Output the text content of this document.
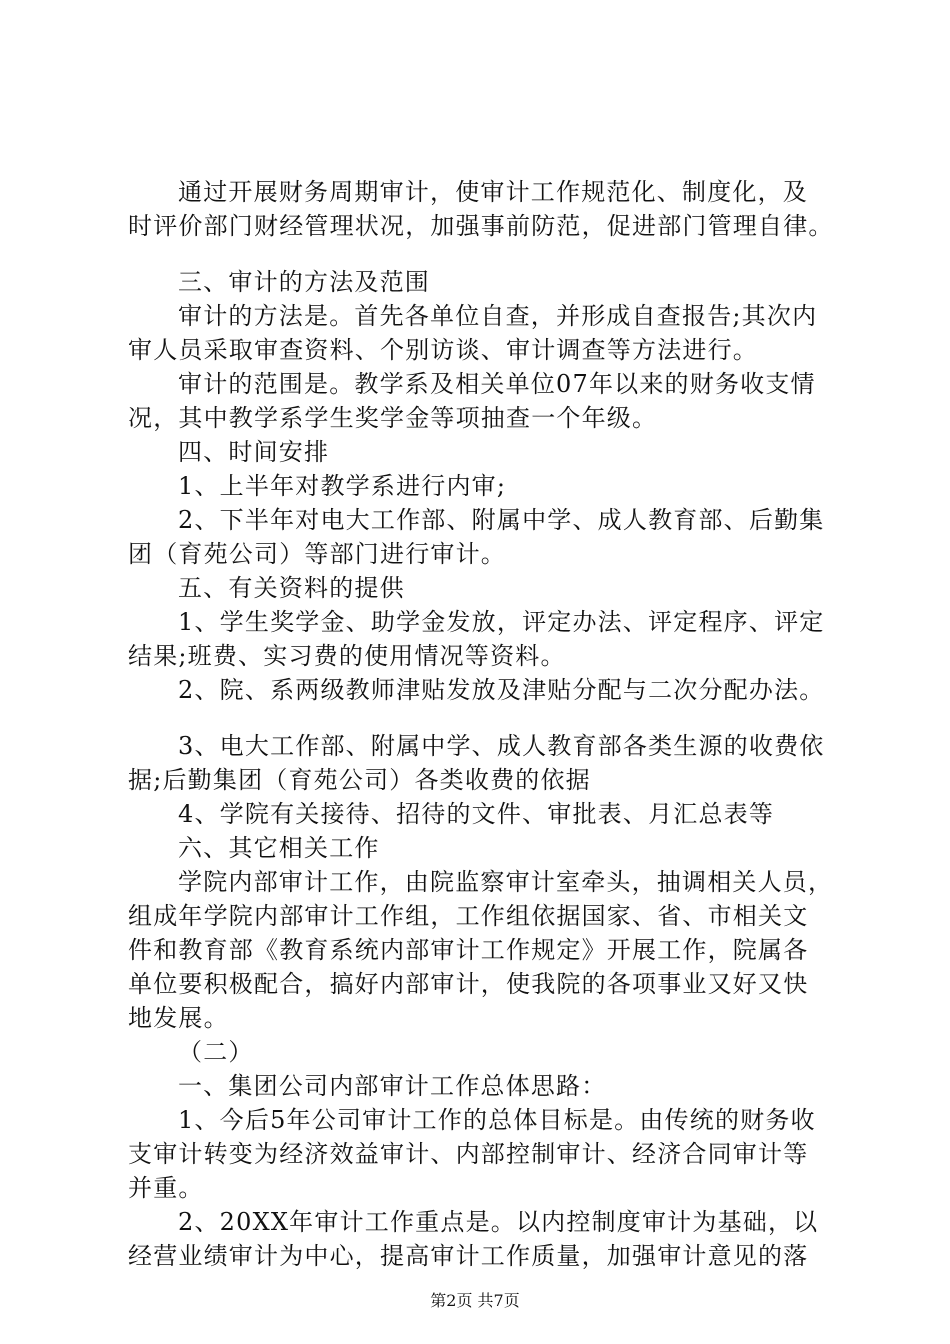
通过开展财务周期审计，使审计工作规范化、制度化，及
时评价部门财经管理状况，加强事前防范，促进部门管理自律。
三、审计的方法及范围
审计的方法是。首先各单位自查，并形成自查报告;其次内
审人员采取审查资料、个别访谈、审计调查等方法进行。
审计的范围是。教学系及相关单位07年以来的财务收支情
况，其中教学系学生奖学金等项抽查一个年级。
四、时间安排
1、上半年对教学系进行内审;
2、下半年对电大工作部、附属中学、成人教育部、后勤集
团（育苑公司）等部门进行审计。
五、有关资料的提供
1、学生奖学金、助学金发放，评定办法、评定程序、评定
结果;班费、实习费的使用情况等资料。
2、院、系两级教师津贴发放及津贴分配与二次分配办法。
3、电大工作部、附属中学、成人教育部各类生源的收费依
据;后勤集团（育苑公司）各类收费的依据
4、学院有关接待、招待的文件、审批表、月汇总表等
六、其它相关工作
学院内部审计工作，由院监察审计室牵头，抽调相关人员，
组成年学院内部审计工作组，工作组依据国家、省、市相关文
件和教育部《教育系统内部审计工作规定》开展工作，院属各
单位要积极配合，搞好内部审计，使我院的各项事业又好又快
地发展。
（二）
一、集团公司内部审计工作总体思路：
1、今后5年公司审计工作的总体目标是。由传统的财务收
支审计转变为经济效益审计、内部控制审计、经济合同审计等
并重。
2、20XX年审计工作重点是。以内控制度审计为基础，以
经营业绩审计为中心，提高审计工作质量，加强审计意见的落
第2页 共7页
